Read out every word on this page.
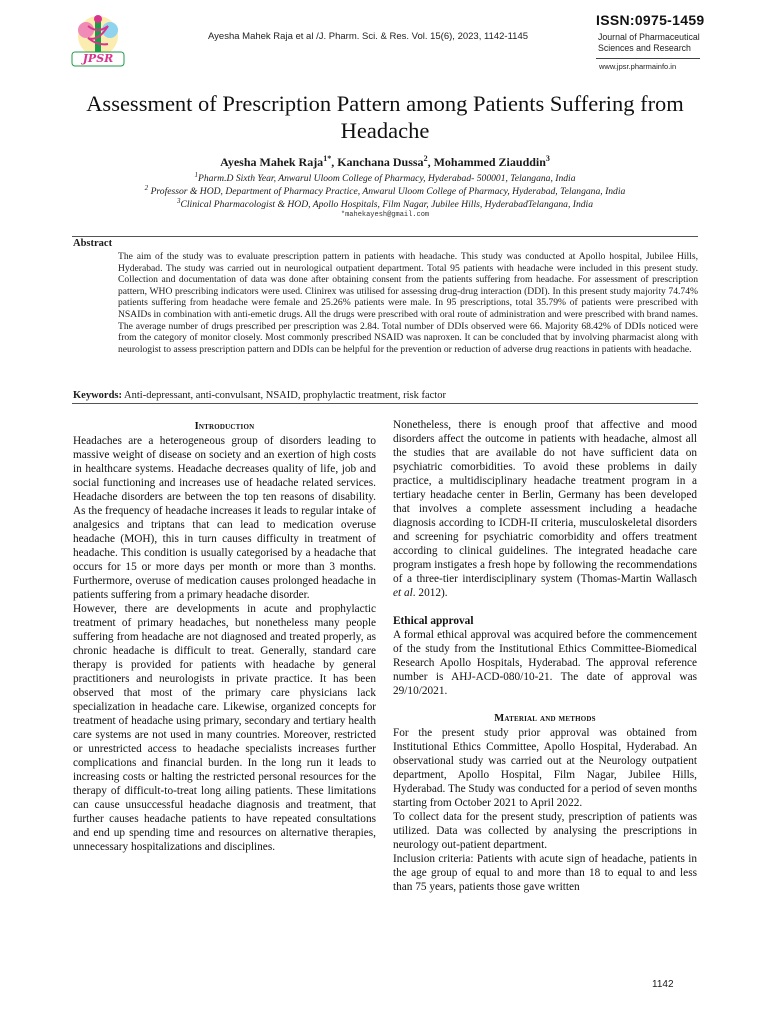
JPSR
Ayesha Mahek Raja et al /J. Pharm. Sci. & Res. Vol. 15(6), 2023, 1142-1145
ISSN:0975-1459
Journal of Pharmaceutical
Sciences and Research
www.jpsr.pharmainfo.in
Assessment of Prescription Pattern among Patients Suffering from Headache
Ayesha Mahek Raja$^{1*}$, Kanchana Dussa$^2$, Mohammed Ziauddin$^3$
$^1$Pharm.D Sixth Year, Anwarul Uloom College of Pharmacy, Hyderabad- 500001, Telangana, India
$^2$ Professor & HOD, Department of Pharmacy Practice, Anwarul Uloom College of Pharmacy, Hyderabad, Telangana, India
$^3$Clinical Pharmacologist & HOD, Apollo Hospitals, Film Nagar, Jubilee Hills, HyderabadTelangana, India
*mahekayesh@gmail.com
Abstract
The aim of the study was to evaluate prescription pattern in patients with headache. This study was conducted at Apollo hospital, Jubilee Hills, Hyderabad. The study was carried out in neurological outpatient department. Total 95 patients with headache were included in this present study. Collection and documentation of data was done after obtaining consent from the patients suffering from headache. For assessment of prescription pattern, WHO prescribing indicators were used. Clinirex was utilised for assessing drug-drug interaction (DDI). In this present study majority 74.74% patients suffering from headache were female and 25.26% patients were male. In 95 prescriptions, total 35.79% of patients were prescribed with NSAIDs in combination with anti-emetic drugs. All the drugs were prescribed with oral route of administration and were prescribed with brand names. The average number of drugs prescribed per prescription was 2.84. Total number of DDIs observed were 66. Majority 68.42% of DDIs noticed were from the category of monitor closely. Most commonly prescribed NSAID was naproxen. It can be concluded that by involving pharmacist along with neurologist to assess prescription pattern and DDIs can be helpful for the prevention or reduction of adverse drug reactions in patients with headache.
Keywords: Anti-depressant, anti-convulsant, NSAID, prophylactic treatment, risk factor

Introduction

Headaches are a heterogeneous group of disorders leading to massive weight of disease on society and an exertion of high costs in healthcare systems. Headache decreases quality of life, job and social functioning and increases use of headache related services. Headache disorders are between the top ten reasons of disability. As the frequency of headache increases it leads to regular intake of analgesics and triptans that can lead to medication overuse headache (MOH), this in turn causes difficulty in treatment of headache. This condition is usually categorised by a headache that occurs for 15 or more days per month or more than 3 months. Furthermore, overuse of medication causes prolonged headache in patients suffering from a primary headache disorder.

However, there are developments in acute and prophylactic treatment of primary headaches, but nonetheless many people suffering from headache are not diagnosed and treated properly, as chronic headache is difficult to treat. Generally, standard care therapy is provided for patients with headache by general practitioners and neurologists in private practice. It has been observed that most of the primary care physicians lack specialization in headache care. Likewise, organized concepts for treatment of headache using primary, secondary and tertiary health care systems are not used in many countries. Moreover, restricted or unrestricted access to headache specialists increases further complications and financial burden. In the long run it leads to increasing costs or halting the restricted personal resources for the therapy of difficult-to-treat long ailing patients. These limitations can cause unsuccessful headache diagnosis and treatment, that further causes headache patients to have repeated consultations and end up spending time and resources on alternative therapies, unnecessary hospitalizations and disciplines.

Nonetheless, there is enough proof that affective and mood disorders affect the outcome in patients with headache, almost all the studies that are available do not have sufficient data on psychiatric comorbidities. To avoid these problems in daily practice, a multidisciplinary headache treatment program in a tertiary headache center in Berlin, Germany has been developed that involves a complete assessment including a headache diagnosis according to ICDH-II criteria, musculoskeletal disorders and screening for psychiatric comorbidity and offers treatment according to clinical guidelines. The integrated headache care program instigates a fresh hope by following the recommendations of a three-tier interdisciplinary system (Thomas-Martin Wallasch et al. 2012).

Ethical approval

A formal ethical approval was acquired before the commencement of the study from the Institutional Ethics Committee-Biomedical Research Apollo Hospitals, Hyderabad. The approval reference number is AHJ-ACD-080/10-21. The date of approval was 29/10/2021.

Material and methods

For the present study prior approval was obtained from Institutional Ethics Committee, Apollo Hospital, Hyderabad. An observational study was carried out at the Neurology outpatient department, Apollo Hospital, Film Nagar, Jubilee Hills, Hyderabad. The Study was conducted for a period of seven months starting from October 2021 to April 2022.

To collect data for the present study, prescription of patients was utilized. Data was collected by analysing the prescriptions in neurology out-patient department.

Inclusion criteria: Patients with acute sign of headache, patients in the age group of equal to and more than 18 to equal to and less than 75 years, patients those gave written

1142
